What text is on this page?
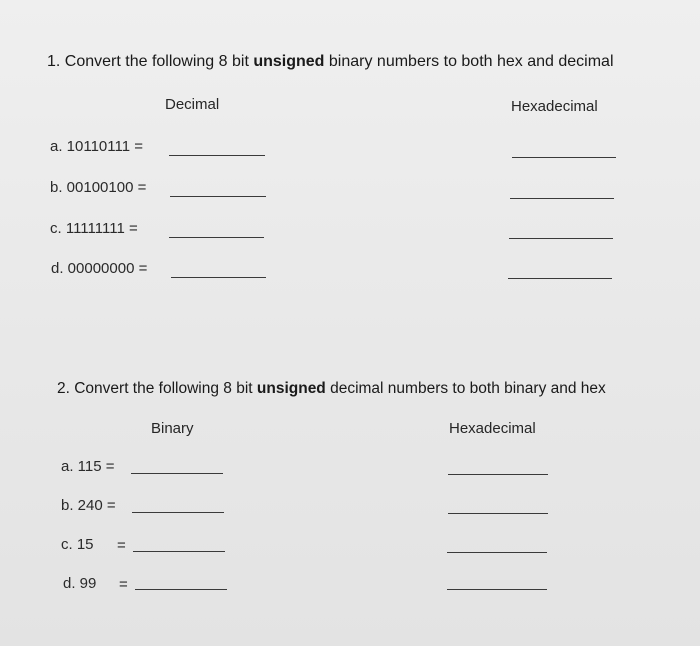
1. Convert the following 8 bit unsigned binary numbers to both hex and decimal
Decimal	Hexadecimal
a. 10110111 =
b. 00100100 =
c. 11111111 =
d. 00000000 =
2. Convert the following 8 bit unsigned decimal numbers to both binary and hex
Binary	Hexadecimal
a. 115 =
b. 240 =
c. 15 =
d. 99 =
